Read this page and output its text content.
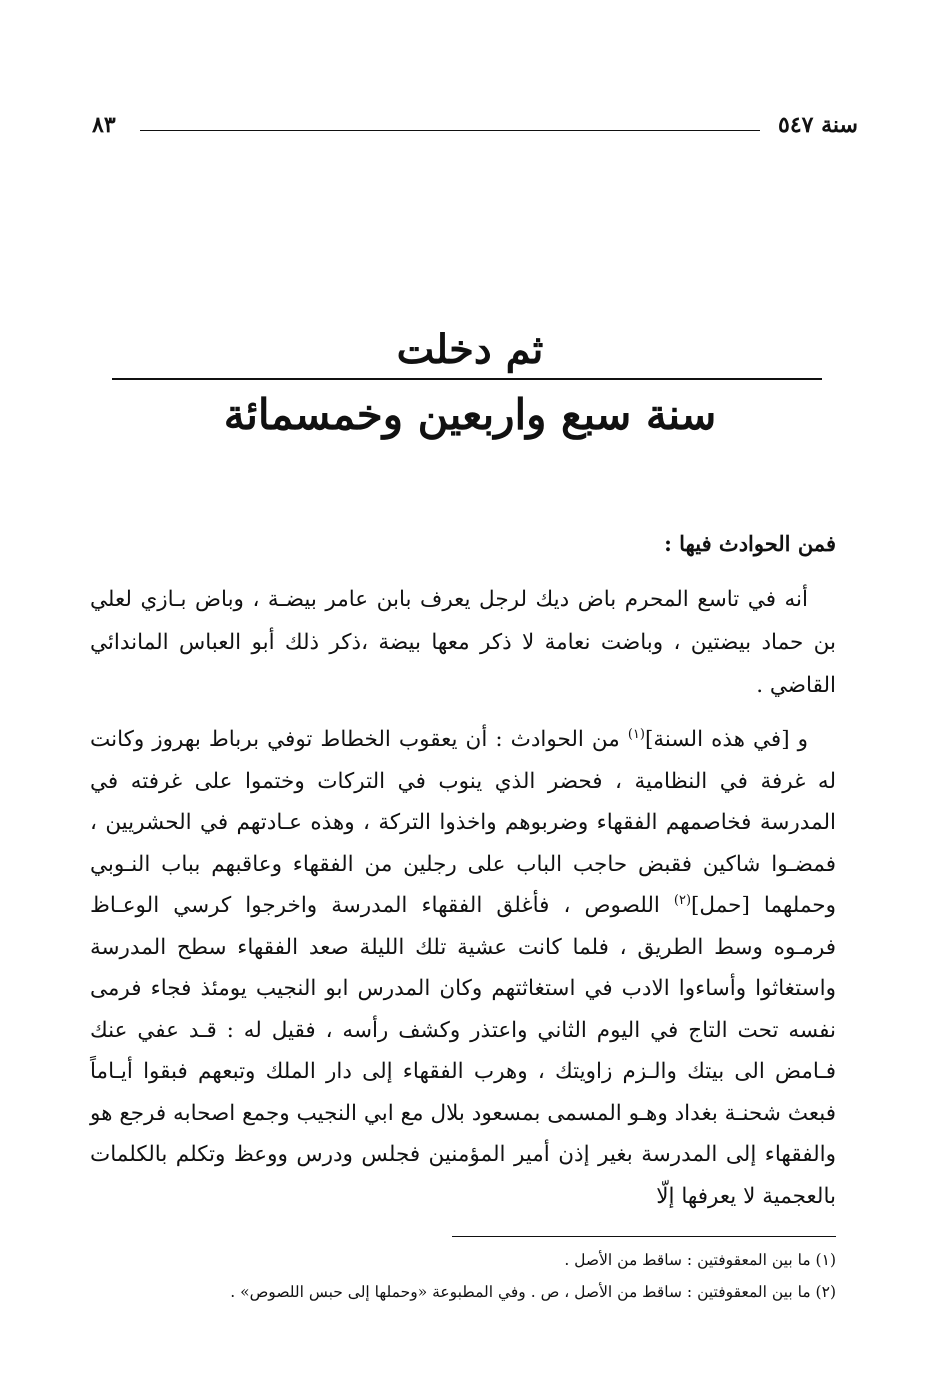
سنة ٥٤٧
٨٣
ثم دخلت
سنة سبع واربعين وخمسمائة

فمن الحوادث فيها :

أنه في تاسع المحرم باض ديك لرجل يعرف بابن عامر بيضـة ، وباض بـازي لعلي بن حماد بيضتين ، وباضت نعامة لا ذكر معها بيضة ،ذكر ذلك أبو العباس الماندائي القاضي .

و [في هذه السنة]$^{(١)}$ من الحوادث : أن يعقوب الخطاط توفي برباط بهروز وكانت له غرفة في النظامية ، فحضر الذي ينوب في التركات وختموا على غرفته في المدرسة فخاصمهم الفقهاء وضربوهم واخذوا التركة ، وهذه عـادتهم في الحشريين ، فمضـوا شاكين فقبض حاجب الباب على رجلين من الفقهاء وعاقبهم بباب النـوبي وحملهما [حمل]$^{(٢)}$ اللصوص ، فأغلق الفقهاء المدرسة واخرجوا كرسي الوعـاظ فرمـوه وسط الطريق ، فلما كانت عشية تلك الليلة صعد الفقهاء سطح المدرسة واستغاثوا وأساءوا الادب في استغاثتهم وكان المدرس ابو النجيب يومئذ فجاء فرمى نفسه تحت التاج في اليوم الثاني واعتذر وكشف رأسه ، فقيل له : قـد عفي عنك فـامض الى بيتك والـزم زاويتك ، وهرب الفقهاء إلى دار الملك وتبعهم فبقوا أيـاماً فبعث شحنـة بغداد وهـو المسمى بمسعود بلال مع ابي النجيب وجمع اصحابه فرجع هو والفقهاء إلى المدرسة بغير إذن أمير المؤمنين فجلس ودرس ووعظ وتكلم بالكلمات بالعجمية لا يعرفها إلّا

(١) ما بين المعقوفتين : ساقط من الأصل .

(٢) ما بين المعقوفتين : ساقط من الأصل ، ص . وفي المطبوعة «وحملها إلى حبس اللصوص» .
